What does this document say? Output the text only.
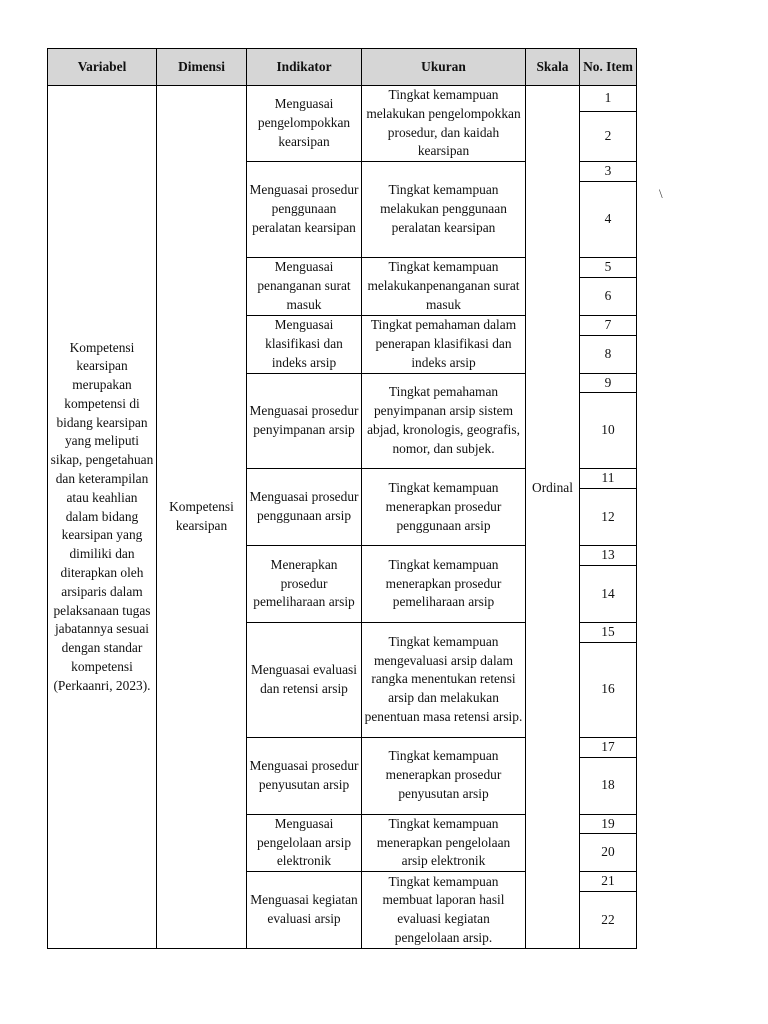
Variabel	Dimensi	Indikator	Ukuran	Skala	No. Item
Kompetensi kearsipan merupakan kompetensi di bidang kearsipan yang meliputi sikap, pengetahuan dan keterampilan atau keahlian dalam bidang kearsipan yang dimiliki dan diterapkan oleh arsiparis dalam pelaksanaan tugas jabatannya sesuai dengan standar kompetensi (Perkaanri, 2023).	Kompetensi kearsipan	Menguasai pengelompokkan kearsipan	Tingkat kemampuan melakukan pengelompokkan prosedur, dan kaidah kearsipan	Ordinal	1
					2
		Menguasai prosedur penggunaan peralatan kearsipan	Tingkat kemampuan melakukan penggunaan peralatan kearsipan		3
					4
		Menguasai penanganan surat masuk	Tingkat kemampuan melakukanpenanganan surat masuk		5
					6
		Menguasai klasifikasi dan indeks arsip	Tingkat pemahaman dalam penerapan klasifikasi dan indeks arsip		7
					8
		Menguasai prosedur penyimpanan arsip	Tingkat pemahaman penyimpanan arsip sistem abjad, kronologis, geografis, nomor, dan subjek.		9
					10
		Menguasai prosedur penggunaan arsip	Tingkat kemampuan menerapkan prosedur penggunaan arsip		11
					12
		Menerapkan prosedur pemeliharaan arsip	Tingkat kemampuan menerapkan prosedur pemeliharaan arsip		13
					14
		Menguasai evaluasi dan retensi arsip	Tingkat kemampuan mengevaluasi arsip dalam rangka menentukan retensi arsip dan melakukan penentuan masa retensi arsip.		15
					16
		Menguasai prosedur penyusutan arsip	Tingkat kemampuan menerapkan prosedur penyusutan arsip		17
					18
		Menguasai pengelolaan arsip elektronik	Tingkat kemampuan menerapkan pengelolaan arsip elektronik		19
					20
		Menguasai kegiatan evaluasi arsip	Tingkat kemampuan membuat laporan hasil evaluasi kegiatan pengelolaan arsip.		21
					22
\
